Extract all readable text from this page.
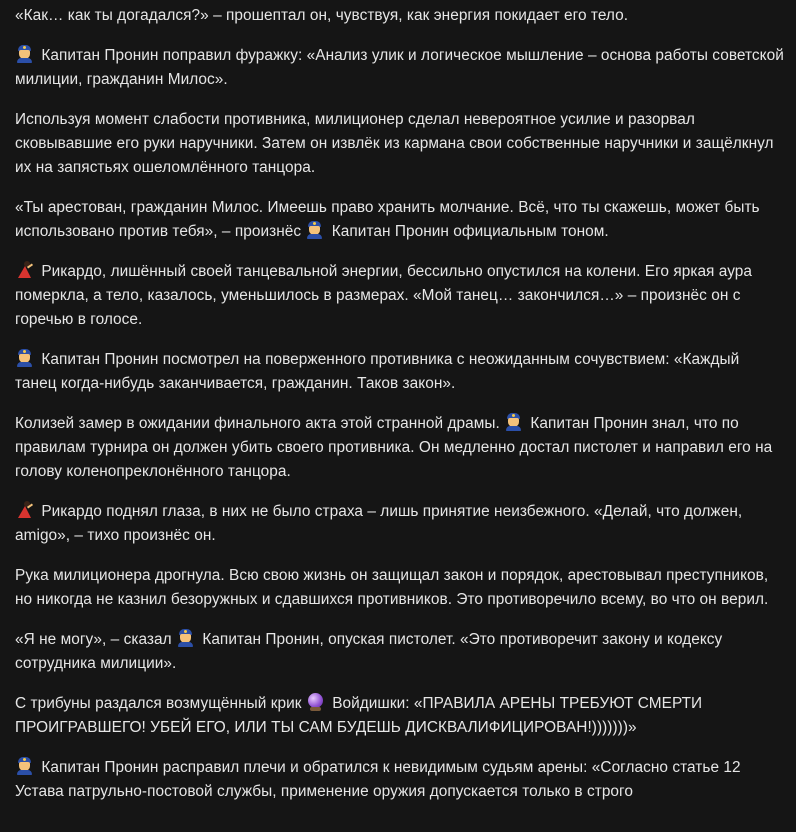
«Как… как ты догадался?» – прошептал он, чувствуя, как энергия покидает его тело.

Капитан Пронин поправил фуражку: «Анализ улик и логическое мышление – основа работы советской милиции, гражданин Милос».

Используя момент слабости противника, милиционер сделал невероятное усилие и разорвал сковывавшие его руки наручники. Затем он извлёк из кармана свои собственные наручники и защёлкнул их на запястьях ошеломлённого танцора.

«Ты арестован, гражданин Милос. Имеешь право хранить молчание. Всё, что ты скажешь, может быть использовано против тебя», – произнёс Капитан Пронин официальным тоном.

Рикардо, лишённый своей танцевальной энергии, бессильно опустился на колени. Его яркая аура померкла, а тело, казалось, уменьшилось в размерах. «Мой танец… закончился…» – произнёс он с горечью в голосе.

Капитан Пронин посмотрел на поверженного противника с неожиданным сочувствием: «Каждый танец когда-нибудь заканчивается, гражданин. Таков закон».

Колизей замер в ожидании финального акта этой странной драмы. Капитан Пронин знал, что по правилам турнира он должен убить своего противника. Он медленно достал пистолет и направил его на голову коленопреклонённого танцора.

Рикардо поднял глаза, в них не было страха – лишь принятие неизбежного. «Делай, что должен, amigo», – тихо произнёс он.

Рука милиционера дрогнула. Всю свою жизнь он защищал закон и порядок, арестовывал преступников, но никогда не казнил безоружных и сдавшихся противников. Это противоречило всему, во что он верил.

«Я не могу», – сказал Капитан Пронин, опуская пистолет. «Это противоречит закону и кодексу сотрудника милиции».

С трибуны раздался возмущённый крик Войдишки: «ПРАВИЛА АРЕНЫ ТРЕБУЮТ СМЕРТИ ПРОИГРАВШЕГО! УБЕЙ ЕГО, ИЛИ ТЫ САМ БУДЕШЬ ДИСКВАЛИФИЦИРОВАН!)))))))»

Капитан Пронин расправил плечи и обратился к невидимым судьям арены: «Согласно статье 12 Устава патрульно-постовой службы, применение оружия допускается только в строго
